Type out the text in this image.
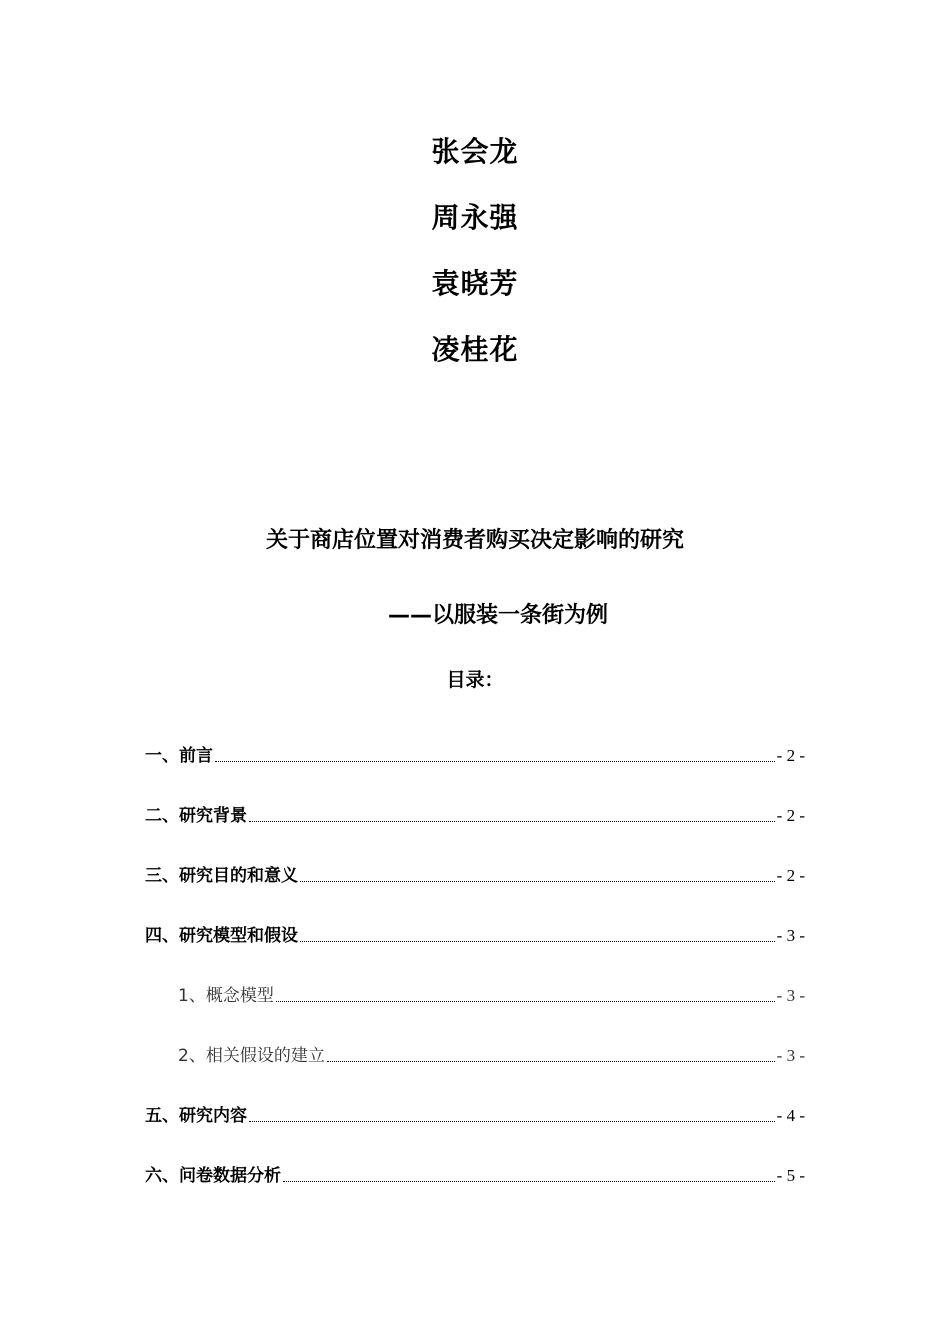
张会龙
周永强
袁晓芳
凌桂花
关于商店位置对消费者购买决定影响的研究
——以服装一条街为例
目录：
一、前言	- 2 -
二、研究背景	- 2 -
三、研究目的和意义	- 2 -
四、研究模型和假设	- 3 -
1、概念模型	- 3 -
2、相关假设的建立	- 3 -
五、研究内容	- 4 -
六、问卷数据分析	- 5 -
